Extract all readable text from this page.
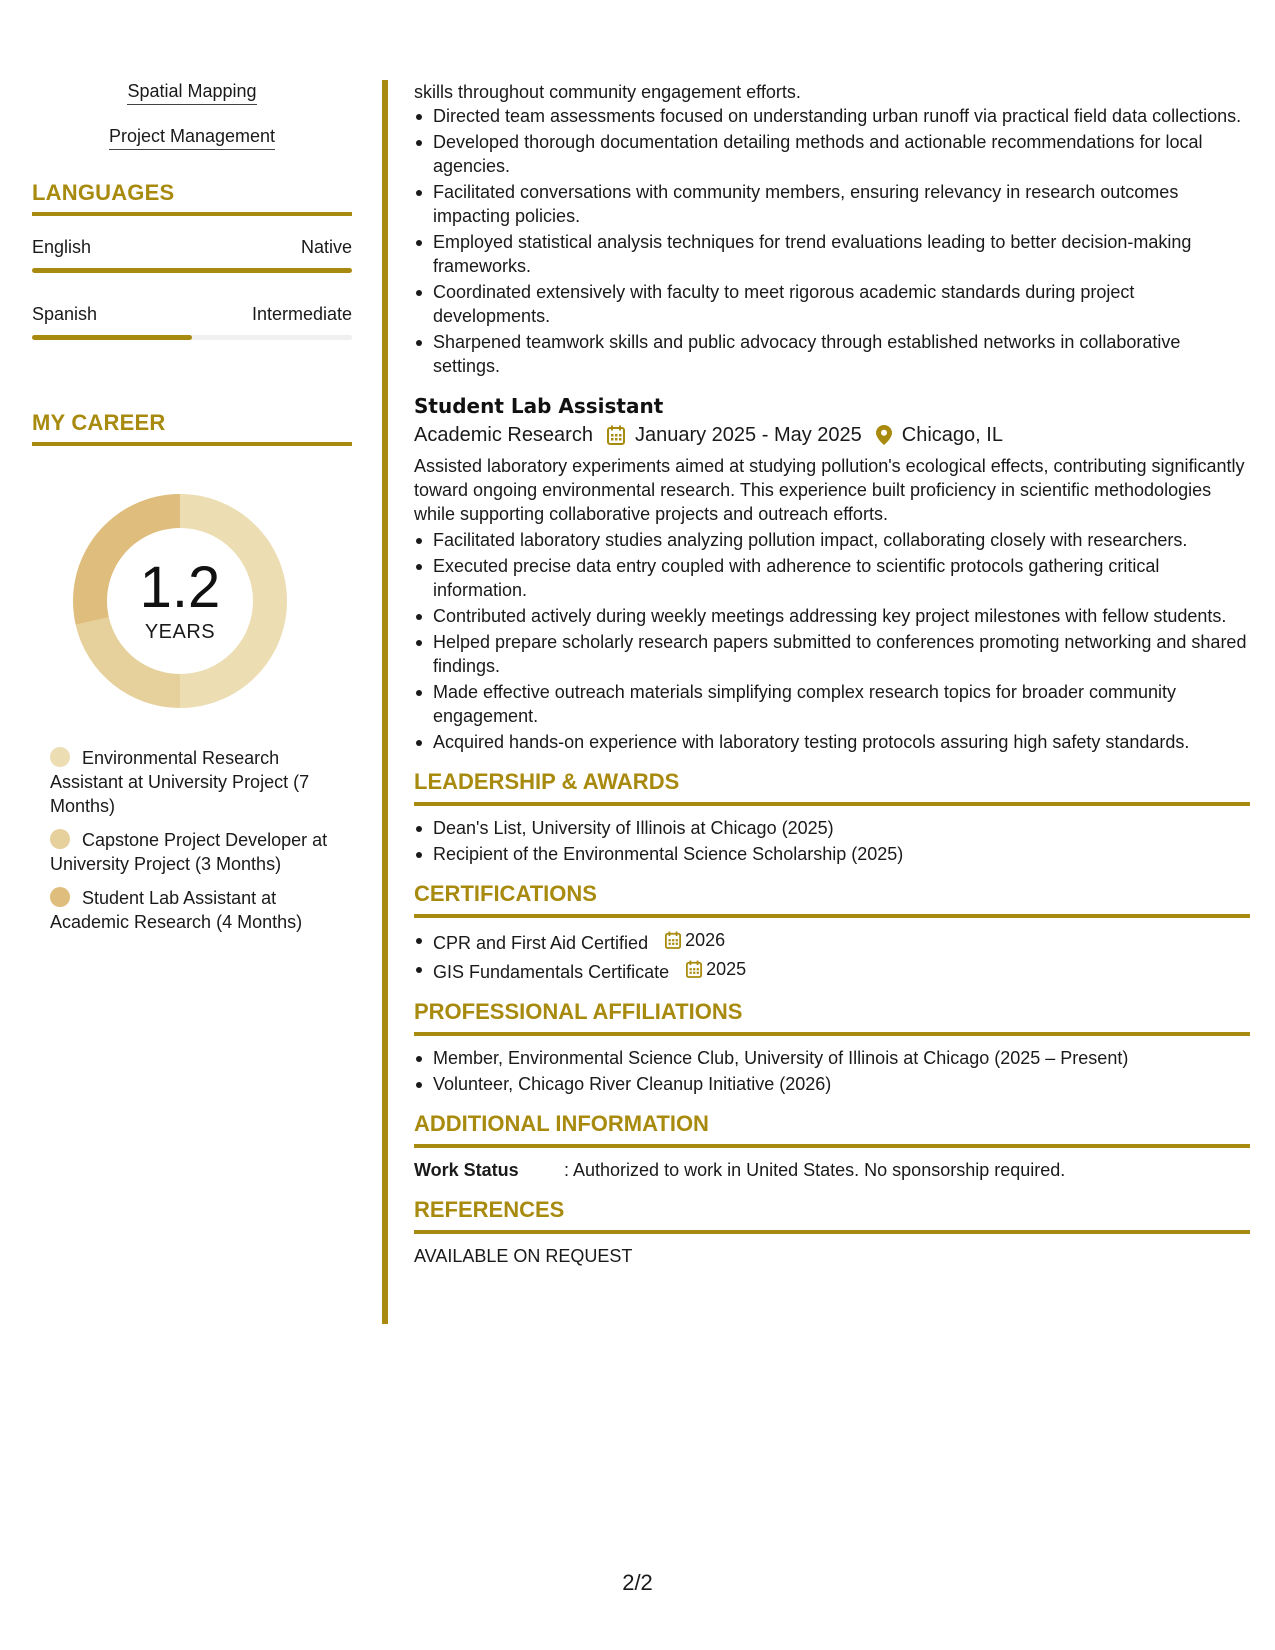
Spatial Mapping
Project Management
LANGUAGES
English	Native
Spanish	Intermediate
MY CAREER
1.2
YEARS
Environmental Research Assistant at University Project (7 Months)
Capstone Project Developer at University Project (3 Months)
Student Lab Assistant at Academic Research (4 Months)
skills throughout community engagement efforts.
Directed team assessments focused on understanding urban runoff via practical field data collections.
Developed thorough documentation detailing methods and actionable recommendations for local agencies.
Facilitated conversations with community members, ensuring relevancy in research outcomes impacting policies.
Employed statistical analysis techniques for trend evaluations leading to better decision-making frameworks.
Coordinated extensively with faculty to meet rigorous academic standards during project developments.
Sharpened teamwork skills and public advocacy through established networks in collaborative settings.
Student Lab Assistant
Academic Research January 2025 - May 2025 Chicago, IL
Assisted laboratory experiments aimed at studying pollution's ecological effects, contributing significantly toward ongoing environmental research. This experience built proficiency in scientific methodologies while supporting collaborative projects and outreach efforts.
Facilitated laboratory studies analyzing pollution impact, collaborating closely with researchers.
Executed precise data entry coupled with adherence to scientific protocols gathering critical information.
Contributed actively during weekly meetings addressing key project milestones with fellow students.
Helped prepare scholarly research papers submitted to conferences promoting networking and shared findings.
Made effective outreach materials simplifying complex research topics for broader community engagement.
Acquired hands-on experience with laboratory testing protocols assuring high safety standards.
LEADERSHIP & AWARDS
Dean's List, University of Illinois at Chicago (2025)
Recipient of the Environmental Science Scholarship (2025)
CERTIFICATIONS
CPR and First Aid Certified 2026
GIS Fundamentals Certificate 2025
PROFESSIONAL AFFILIATIONS
Member, Environmental Science Club, University of Illinois at Chicago (2025 – Present)
Volunteer, Chicago River Cleanup Initiative (2026)
ADDITIONAL INFORMATION
Work Status	: Authorized to work in United States. No sponsorship required.
REFERENCES
AVAILABLE ON REQUEST
2/2
